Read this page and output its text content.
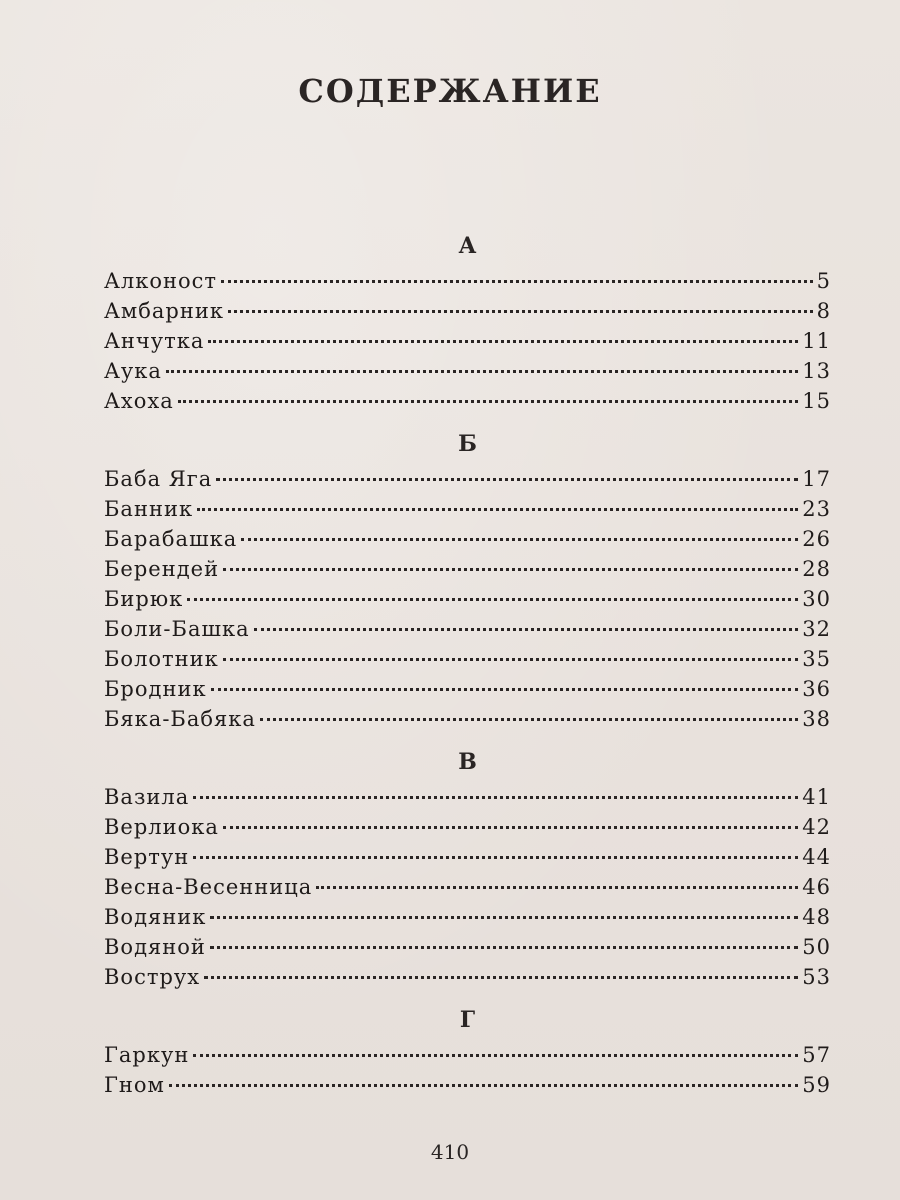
СОДЕРЖАНИЕ
А
Алконост	5
Амбарник	8
Анчутка	11
Аука	13
Ахоха	15
Б
Баба Яга	17
Банник	23
Барабашка	26
Берендей	28
Бирюк	30
Боли-Башка	32
Болотник	35
Бродник	36
Бяка-Бабяка	38
В
Вазила	41
Верлиока	42
Вертун	44
Весна-Весенница	46
Водяник	48
Водяной	50
Вострух	53
Г
Гаркун	57
Гном	59
410
